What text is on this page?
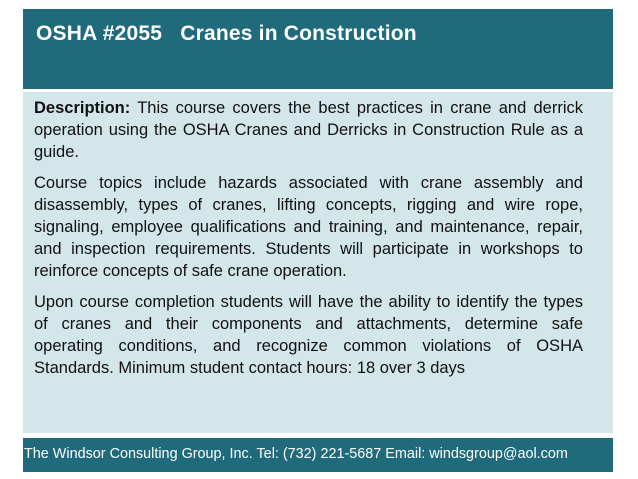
OSHA #2055   Cranes in Construction

Description: This course covers the best practices in crane and derrick operation using the OSHA Cranes and Derricks in Construction Rule as a guide.

Course topics include hazards associated with crane assembly and disassembly, types of cranes, lifting concepts, rigging and wire rope, signaling, employee qualifications and training, and maintenance, repair, and inspection requirements. Students will participate in workshops to reinforce concepts of safe crane operation.

Upon course completion students will have the ability to identify the types of cranes and their components and attachments, determine safe operating conditions, and recognize common violations of OSHA Standards. Minimum student contact hours: 18 over 3 days

The Windsor Consulting Group, Inc. Tel: (732) 221-5687 Email: windsgroup@aol.com
